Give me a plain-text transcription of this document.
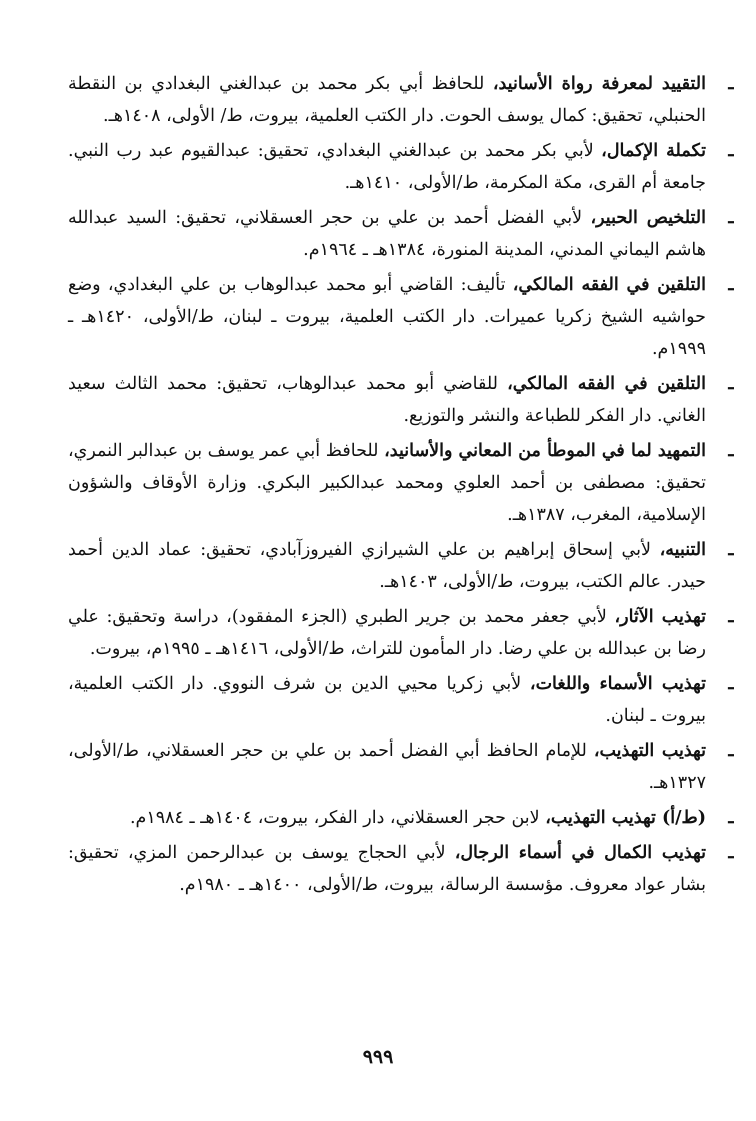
ـ
التقييد لمعرفة رواة الأسانيد، للحافظ أبي بكر محمد بن عبدالغني البغدادي بن النقطة الحنبلي، تحقيق: كمال يوسف الحوت. دار الكتب العلمية، بيروت، ط/ الأولى، ١٤٠٨هـ.
ـ
تكملة الإكمال، لأبي بكر محمد بن عبدالغني البغدادي، تحقيق: عبدالقيوم عبد رب النبي. جامعة أم القرى، مكة المكرمة، ط/الأولى، ١٤١٠هـ.
ـ
التلخيص الحبير، لأبي الفضل أحمد بن علي بن حجر العسقلاني، تحقيق: السيد عبدالله هاشم اليماني المدني، المدينة المنورة، ١٣٨٤هـ ـ ١٩٦٤م.
ـ
التلقين في الفقه المالكي، تأليف: القاضي أبو محمد عبدالوهاب بن علي البغدادي، وضع حواشيه الشيخ زكريا عميرات. دار الكتب العلمية، بيروت ـ لبنان، ط/الأولى، ١٤٢٠هـ ـ ١٩٩٩م.
ـ
التلقين في الفقه المالكي، للقاضي أبو محمد عبدالوهاب، تحقيق: محمد الثالث سعيد الغاني. دار الفكر للطباعة والنشر والتوزيع.
ـ
التمهيد لما في الموطأ من المعاني والأسانيد، للحافظ أبي عمر يوسف بن عبدالبر النمري، تحقيق: مصطفى بن أحمد العلوي ومحمد عبدالكبير البكري. وزارة الأوقاف والشؤون الإسلامية، المغرب، ١٣٨٧هـ.
ـ
التنبيه، لأبي إسحاق إبراهيم بن علي الشيرازي الفيروزآبادي، تحقيق: عماد الدين أحمد حيدر. عالم الكتب، بيروت، ط/الأولى، ١٤٠٣هـ.
ـ
تهذيب الآثار، لأبي جعفر محمد بن جرير الطبري (الجزء المفقود)، دراسة وتحقيق: علي رضا بن عبدالله بن علي رضا. دار المأمون للتراث، ط/الأولى، ١٤١٦هـ ـ ١٩٩٥م، بيروت.
ـ
تهذيب الأسماء واللغات، لأبي زكريا محيي الدين بن شرف النووي. دار الكتب العلمية، بيروت ـ لبنان.
ـ
تهذيب التهذيب، للإمام الحافظ أبي الفضل أحمد بن علي بن حجر العسقلاني، ط/الأولى، ١٣٢٧هـ.
ـ
(ط/أ) تهذيب التهذيب، لابن حجر العسقلاني، دار الفكر، بيروت، ١٤٠٤هـ ـ ١٩٨٤م.
ـ
تهذيب الكمال في أسماء الرجال، لأبي الحجاج يوسف بن عبدالرحمن المزي، تحقيق: بشار عواد معروف. مؤسسة الرسالة، بيروت، ط/الأولى، ١٤٠٠هـ ـ ١٩٨٠م.
٩٩٩
